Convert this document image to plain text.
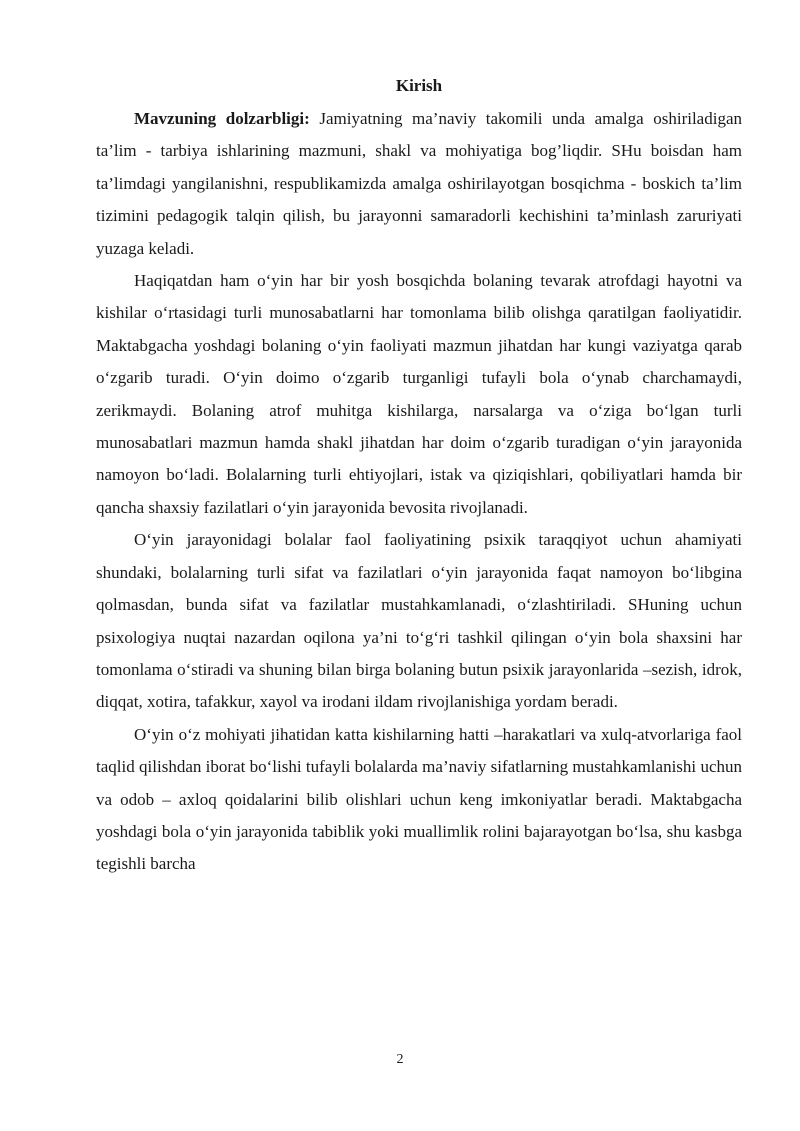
Kirish

Mavzuning dolzarbligi: Jamiyatning ma’naviy takomili unda amalga oshiriladigan ta’lim - tarbiya ishlarining mazmuni, shakl va mohiyatiga bog’liqdir. SHu boisdan ham ta’limdagi yangilanishni, respublikamizda amalga oshirilayotgan bosqichma - boskich ta’lim tizimini pedagogik talqin qilish, bu jarayonni samaradorli kechishini ta’minlash zaruriyati yuzaga keladi.

Haqiqatdan ham o‘yin har bir yosh bosqichda bolaning tevarak atrofdagi hayotni va kishilar o‘rtasidagi turli munosabatlarni har tomonlama bilib olishga qaratilgan faoliyatidir. Maktabgacha yoshdagi bolaning o‘yin faoliyati mazmun jihatdan har kungi vaziyatga qarab o‘zgarib turadi. O‘yin doimo o‘zgarib turganligi tufayli bola o‘ynab charchamaydi, zerikmaydi. Bolaning atrof muhitga kishilarga, narsalarga va o‘ziga bo‘lgan turli munosabatlari mazmun hamda shakl jihatdan har doim o‘zgarib turadigan o‘yin jarayonida namoyon bo‘ladi. Bolalarning turli ehtiyojlari, istak va qiziqishlari, qobiliyatlari hamda bir qancha shaxsiy fazilatlari o‘yin jarayonida bevosita rivojlanadi.

O‘yin jarayonidagi bolalar faol faoliyatining psixik taraqqiyot uchun ahamiyati shundaki, bolalarning turli sifat va fazilatlari o‘yin jarayonida faqat namoyon bo‘libgina qolmasdan, bunda sifat va fazilatlar mustahkamlanadi, o‘zlashtiriladi. SHuning uchun psixologiya nuqtai nazardan oqilona ya’ni to‘g‘ri tashkil qilingan o‘yin bola shaxsini har tomonlama o‘stiradi va shuning bilan birga bolaning butun psixik jarayonlarida –sezish, idrok, diqqat, xotira, tafakkur, xayol va irodani ildam rivojlanishiga yordam beradi.

O‘yin o‘z mohiyati jihatidan katta kishilarning hatti –harakatlari va xulq-atvorlariga faol taqlid qilishdan iborat bo‘lishi tufayli bolalarda ma’naviy sifatlarning mustahkamlanishi uchun va odob – axloq qoidalarini bilib olishlari uchun keng imkoniyatlar beradi. Maktabgacha yoshdagi bola o‘yin jarayonida tabiblik yoki muallimlik rolini bajarayotgan bo‘lsa, shu kasbga tegishli barcha

2
